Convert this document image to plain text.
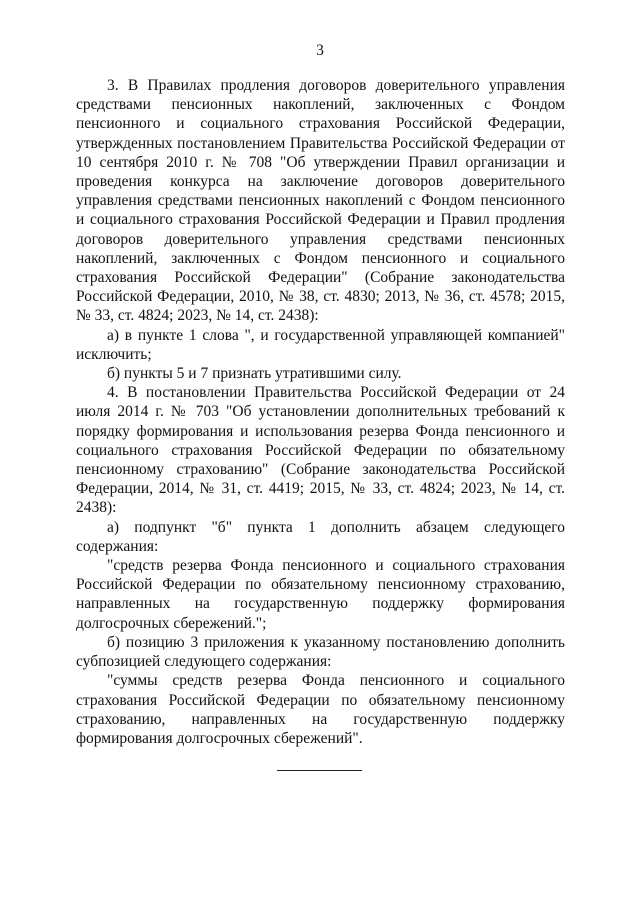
3

3. В Правилах продления договоров доверительного управления средствами пенсионных накоплений, заключенных с Фондом пенсионного и социального страхования Российской Федерации, утвержденных постановлением Правительства Российской Федерации от 10 сентября 2010 г. № 708 "Об утверждении Правил организации и проведения конкурса на заключение договоров доверительного управления средствами пенсионных накоплений с Фондом пенсионного и социального страхования Российской Федерации и Правил продления договоров доверительного управления средствами пенсионных накоплений, заключенных с Фондом пенсионного и социального страхования Российской Федерации" (Собрание законодательства Российской Федерации, 2010, № 38, ст. 4830; 2013, № 36, ст. 4578; 2015, № 33, ст. 4824; 2023, № 14, ст. 2438):

а) в пункте 1 слова ", и государственной управляющей компанией" исключить;

б) пункты 5 и 7 признать утратившими силу.

4. В постановлении Правительства Российской Федерации от 24 июля 2014 г. № 703 "Об установлении дополнительных требований к порядку формирования и использования резерва Фонда пенсионного и социального страхования Российской Федерации по обязательному пенсионному страхованию" (Собрание законодательства Российской Федерации, 2014, № 31, ст. 4419; 2015, № 33, ст. 4824; 2023, № 14, ст. 2438):

а) подпункт "б" пункта 1 дополнить абзацем следующего содержания:

"средств резерва Фонда пенсионного и социального страхования Российской Федерации по обязательному пенсионному страхованию, направленных на государственную поддержку формирования долгосрочных сбережений.";

б) позицию 3 приложения к указанному постановлению дополнить субпозицией следующего содержания:

"суммы средств резерва Фонда пенсионного и социального страхования Российской Федерации по обязательному пенсионному страхованию, направленных на государственную поддержку формирования долгосрочных сбережений".
